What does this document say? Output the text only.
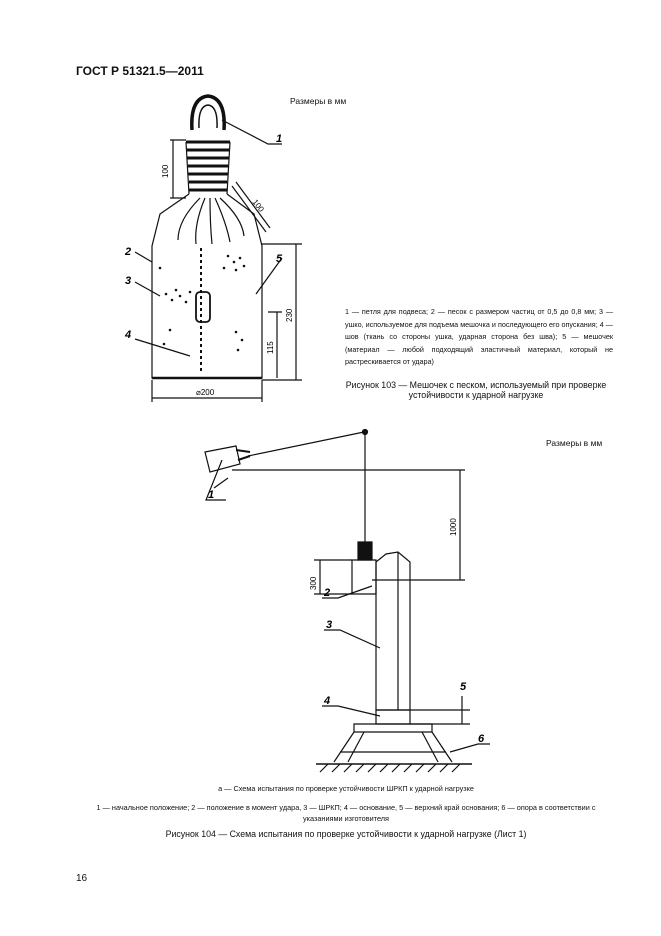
ГОСТ Р 51321.5—2011
100
100
230
115
⌀200
1
2
3
4
5
Размеры в мм
1 — петля для подвеса; 2 — песок с размером частиц от 0,5 до 0,8 мм; 3 — ушко, используемое для подъема мешочка и последующего его опускания; 4 — шов (ткань со стороны ушка, ударная сторона без шва); 5 — мешочек (материал — любой подходящий эластичный материал, который не растрескивается от удара)
Рисунок 103 — Мешочек с песком, используемый при проверке устойчивости к ударной нагрузке
1000
300
1
2
3
4
5
6
Размеры в мм
а — Схема испытания по проверке устойчивости ШРКП к ударной нагрузке
1 — начальное положение; 2 — положение в момент удара, 3 — ШРКП; 4 — основание, 5 — верхний край основания; 6 — опора в соответствии с указаниями изготовителя
Рисунок 104 — Схема испытания по проверке устойчивости к ударной нагрузке (Лист 1)
16
